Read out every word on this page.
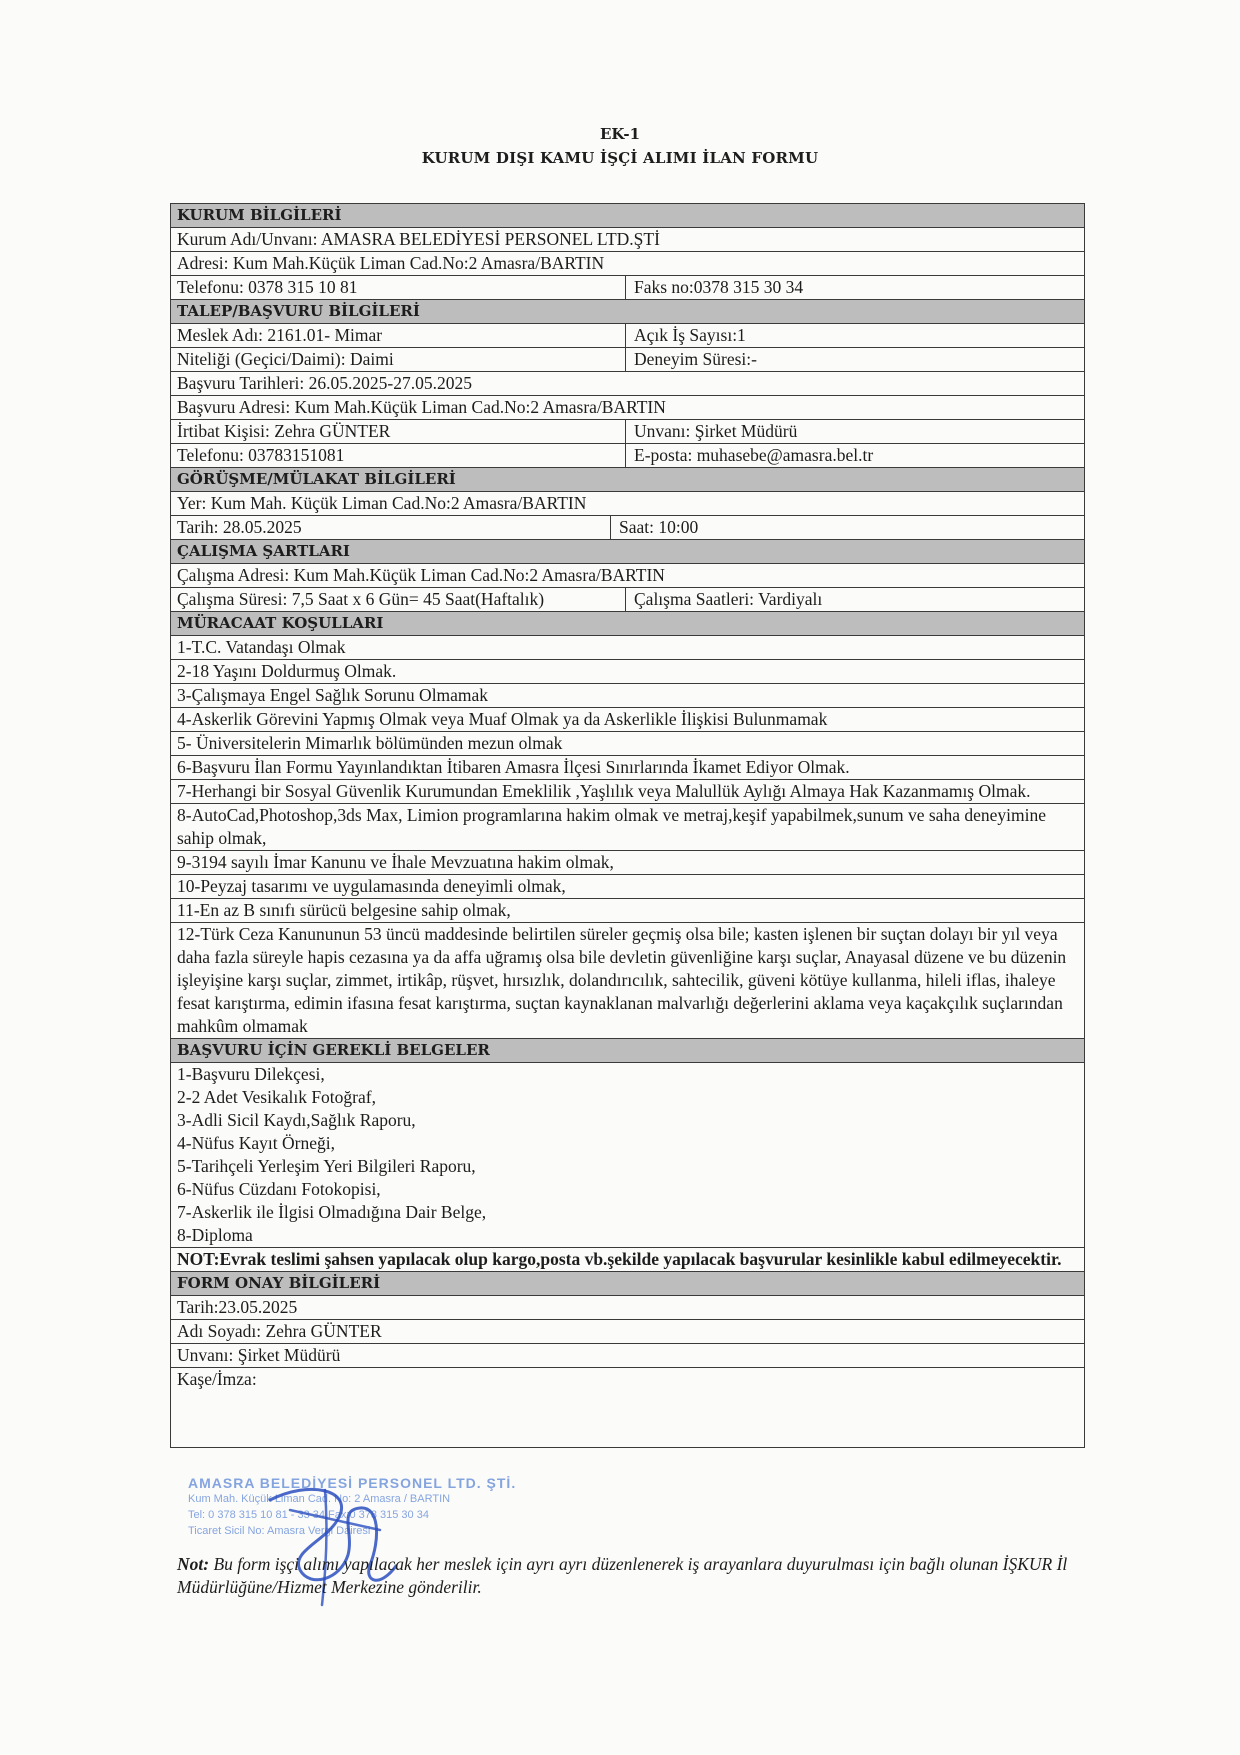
EK-1
KURUM DIŞI KAMU İŞÇİ ALIMI İLAN FORMU
KURUM BİLGİLERİ
Kurum Adı/Unvanı: AMASRA BELEDİYESİ PERSONEL LTD.ŞTİ
Adresi: Kum Mah.Küçük Liman Cad.No:2 Amasra/BARTIN
Telefonu: 0378 315 10 81	Faks no:0378 315 30 34
TALEP/BAŞVURU BİLGİLERİ
Meslek Adı: 2161.01- Mimar	Açık İş Sayısı:1
Niteliği (Geçici/Daimi): Daimi	Deneyim Süresi:-
Başvuru Tarihleri: 26.05.2025-27.05.2025
Başvuru Adresi: Kum Mah.Küçük Liman Cad.No:2 Amasra/BARTIN
İrtibat Kişisi: Zehra GÜNTER	Unvanı: Şirket Müdürü
Telefonu: 03783151081	E-posta: muhasebe@amasra.bel.tr
GÖRÜŞME/MÜLAKAT BİLGİLERİ
Yer: Kum Mah. Küçük Liman Cad.No:2 Amasra/BARTIN
Tarih: 28.05.2025	Saat: 10:00
ÇALIŞMA ŞARTLARI
Çalışma Adresi: Kum Mah.Küçük Liman Cad.No:2 Amasra/BARTIN
Çalışma Süresi: 7,5 Saat x 6 Gün= 45 Saat(Haftalık)	Çalışma Saatleri: Vardiyalı
MÜRACAAT KOŞULLARI
1-T.C. Vatandaşı Olmak
2-18 Yaşını Doldurmuş Olmak.
3-Çalışmaya Engel Sağlık Sorunu Olmamak
4-Askerlik Görevini Yapmış Olmak veya Muaf Olmak ya da Askerlikle İlişkisi Bulunmamak
5- Üniversitelerin Mimarlık bölümünden mezun olmak
6-Başvuru İlan Formu Yayınlandıktan İtibaren Amasra İlçesi Sınırlarında İkamet Ediyor Olmak.
7-Herhangi bir Sosyal Güvenlik Kurumundan Emeklilik ,Yaşlılık veya Malullük Aylığı Almaya Hak Kazanmamış Olmak.
8-AutoCad,Photoshop,3ds Max, Limion programlarına hakim olmak ve metraj,keşif yapabilmek,sunum ve saha deneyimine sahip olmak,
9-3194 sayılı İmar Kanunu ve İhale Mevzuatına hakim olmak,
10-Peyzaj tasarımı ve uygulamasında deneyimli olmak,
11-En az B sınıfı sürücü belgesine sahip olmak,
12-Türk Ceza Kanununun 53 üncü maddesinde belirtilen süreler geçmiş olsa bile; kasten işlenen bir suçtan dolayı bir yıl veya daha fazla süreyle hapis cezasına ya da affa uğramış olsa bile devletin güvenliğine karşı suçlar, Anayasal düzene ve bu düzenin işleyişine karşı suçlar, zimmet, irtikâp, rüşvet, hırsızlık, dolandırıcılık, sahtecilik, güveni kötüye kullanma, hileli iflas, ihaleye fesat karıştırma, edimin ifasına fesat karıştırma, suçtan kaynaklanan malvarlığı değerlerini aklama veya kaçakçılık suçlarından mahkûm olmamak
BAŞVURU İÇİN GEREKLİ BELGELER
1-Başvuru Dilekçesi,
2-2 Adet Vesikalık Fotoğraf,
3-Adli Sicil Kaydı,Sağlık Raporu,
4-Nüfus Kayıt Örneği,
5-Tarihçeli Yerleşim Yeri Bilgileri Raporu,
6-Nüfus Cüzdanı Fotokopisi,
7-Askerlik ile İlgisi Olmadığına Dair Belge,
8-Diploma
NOT:Evrak teslimi şahsen yapılacak olup kargo,posta vb.şekilde yapılacak başvurular kesinlikle kabul edilmeyecektir.
FORM ONAY BİLGİLERİ
Tarih:23.05.2025
Adı Soyadı: Zehra GÜNTER
Unvanı: Şirket Müdürü
Kaşe/İmza:
AMASRA BELEDİYESİ PERSONEL LTD. ŞTİ.
Kum Mah. Küçük Liman Cad. No: 2 Amasra / BARTIN
Tel: 0 378 315 10 81 - 33 34 Fax:0 378 315 30 34
Ticaret Sicil No: Amasra Vergi Dairesi
Not: Bu form işçi alımı yapılacak her meslek için ayrı ayrı düzenlenerek iş arayanlara duyurulması için bağlı olunan İŞKUR İl Müdürlüğüne/Hizmet Merkezine gönderilir.
